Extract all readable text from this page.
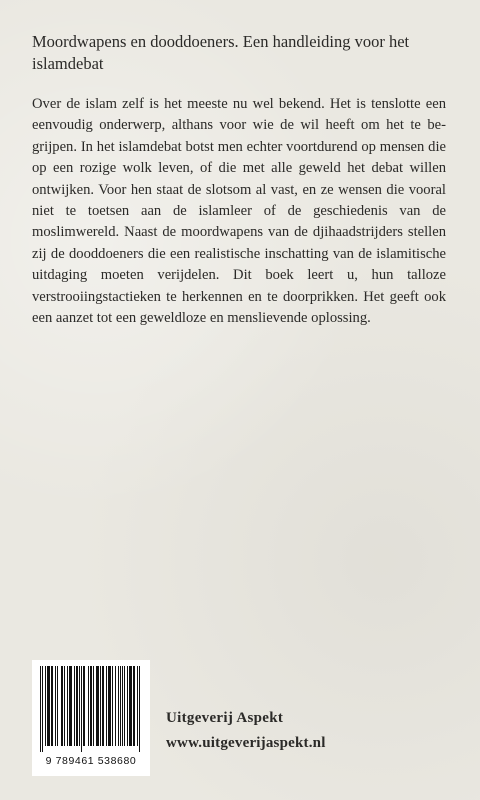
Moordwapens en dooddoeners. Een handleiding voor het islamdebat

Over de islam zelf is het meeste nu wel bekend. Het is tenslotte een eenvoudig onderwerp, althans voor wie de wil heeft om het te begrijpen. In het islamdebat botst men echter voortdurend op mensen die op een rozige wolk leven, of die met alle geweld het debat willen ontwijken. Voor hen staat de slotsom al vast, en ze wensen die vooral niet te toetsen aan de islamleer of de geschiedenis van de moslimwereld. Naast de moordwapens van de djihaadstrijders stellen zij de dooddoeners die een realistische inschatting van de islamitische uitdaging moeten verijdelen. Dit boek leert u, hun talloze verstrooiingstactieken te herkennen en te doorprikken. Het geeft ook een aanzet tot een geweldloze en menslievende oplossing.

9 789461 538680
Uitgeverij Aspekt
www.uitgeverijaspekt.nl
